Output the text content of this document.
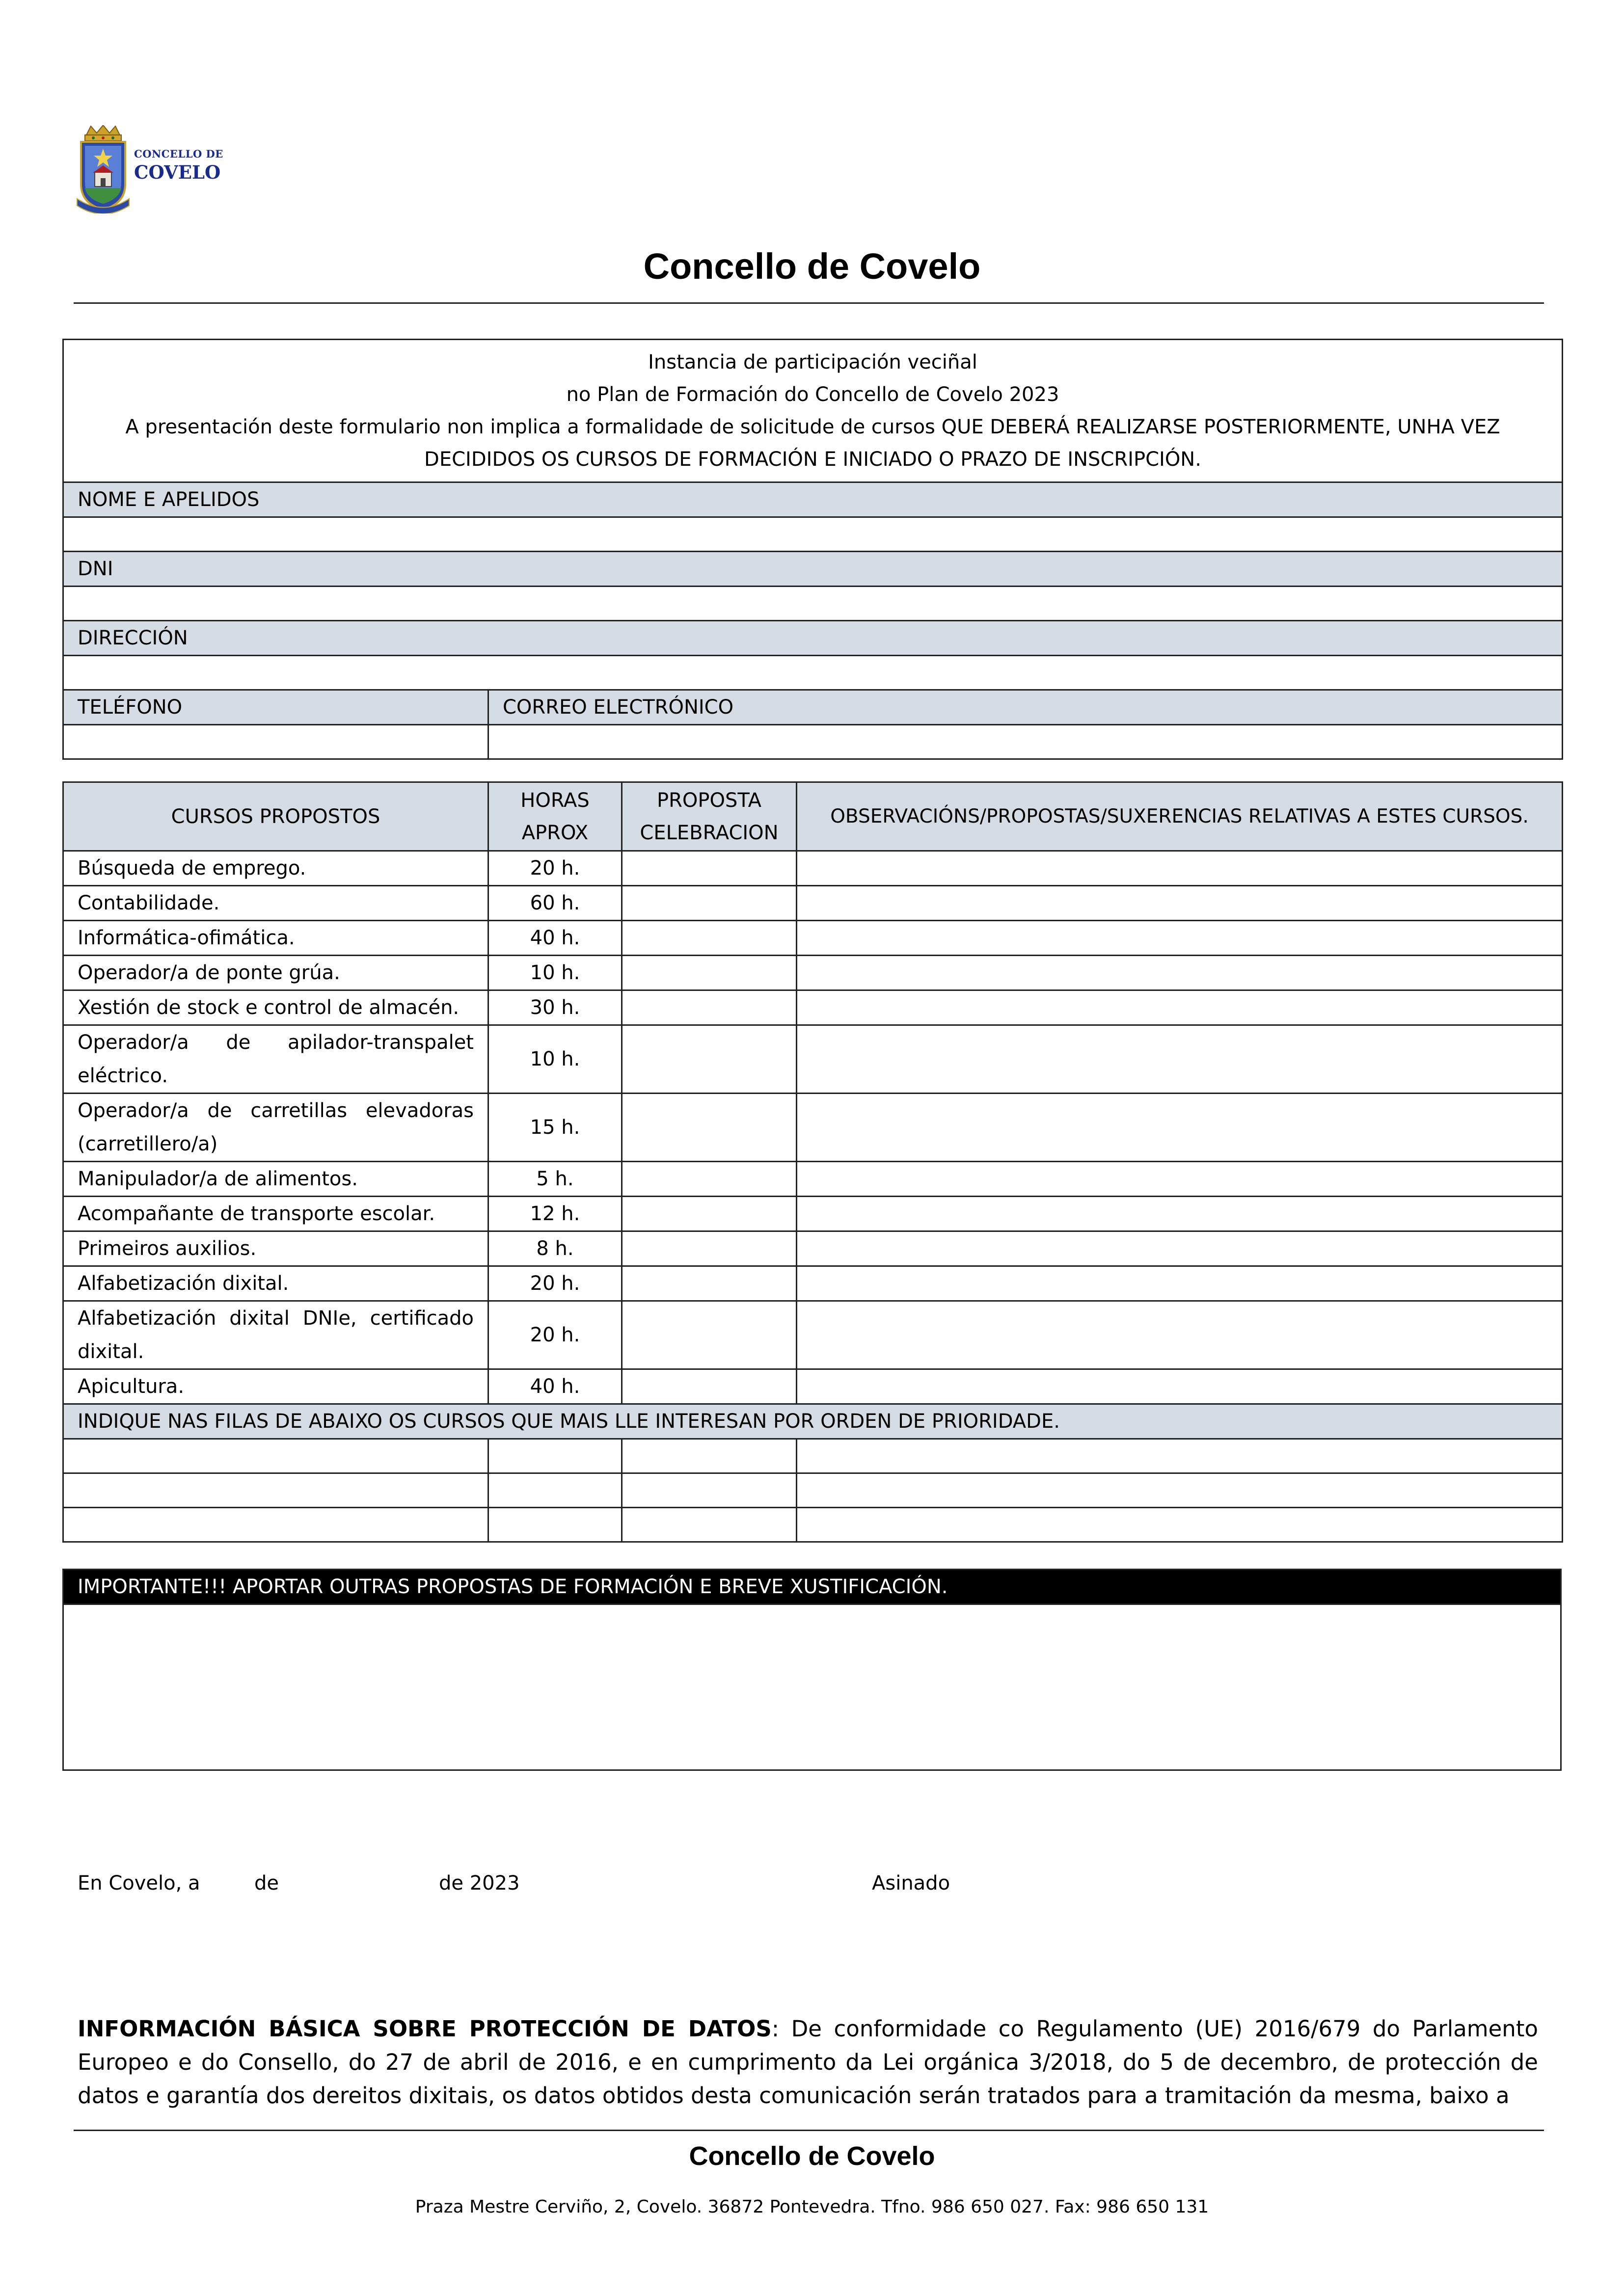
CONCELLO DE
COVELO
Concello de Covelo
Instancia de participación veciñal
no Plan de Formación do Concello de Covelo 2023
A presentación deste formulario non implica a formalidade de solicitude de cursos QUE DEBERÁ REALIZARSE POSTERIORMENTE, UNHA VEZ DECIDIDOS OS CURSOS DE FORMACIÓN E INICIADO O PRAZO DE INSCRIPCIÓN.	

NOME E APELIDOS	

DNI	

DIRECCIÓN	

TELÉFONO	CORREO ELECTRÓNICO

CURSOS PROPOSTOS	HORAS APROX	PROPOSTA CELEBRACION	OBSERVACIÓNS/PROPOSTAS/SUXERENCIAS RELATIVAS A ESTES CURSOS.
Búsqueda de emprego.	20 h.		
Contabilidade.	60 h.		
Informática-ofimática.	40 h.		
Operador/a de ponte grúa.	10 h.		
Xestión de stock e control de almacén.	30 h.		
Operador/a de apilador-transpalet eléctrico.	10 h.		
Operador/a de carretillas elevadoras (carretillero/a)	15 h.		
Manipulador/a de alimentos.	5 h.		
Acompañante de transporte escolar.	12 h.		
Primeiros auxilios.	8 h.		
Alfabetización dixital.	20 h.		
Alfabetización dixital DNIe, certificado dixital.	20 h.		
Apicultura.	40 h.		
INDIQUE NAS FILAS DE ABAIXO OS CURSOS QUE MAIS LLE INTERESAN POR ORDEN DE PRIORIDADE.			

IMPORTANTE!!! APORTAR OUTRAS PROPOSTAS DE FORMACIÓN E BREVE XUSTIFICACIÓN.

En Covelo, a	de	de 2023	Asinado
INFORMACIÓN BÁSICA SOBRE PROTECCIÓN DE DATOS: De conformidade co Regulamento (UE) 2016/679 do Parlamento Europeo e do Consello, do 27 de abril de 2016, e en cumprimento da Lei orgánica 3/2018, do 5 de decembro, de protección de datos e garantía dos dereitos dixitais, os datos obtidos desta comunicación serán tratados para a tramitación da mesma, baixo a
Concello de Covelo
Praza Mestre Cerviño, 2, Covelo. 36872 Pontevedra. Tfno. 986 650 027. Fax: 986 650 131
